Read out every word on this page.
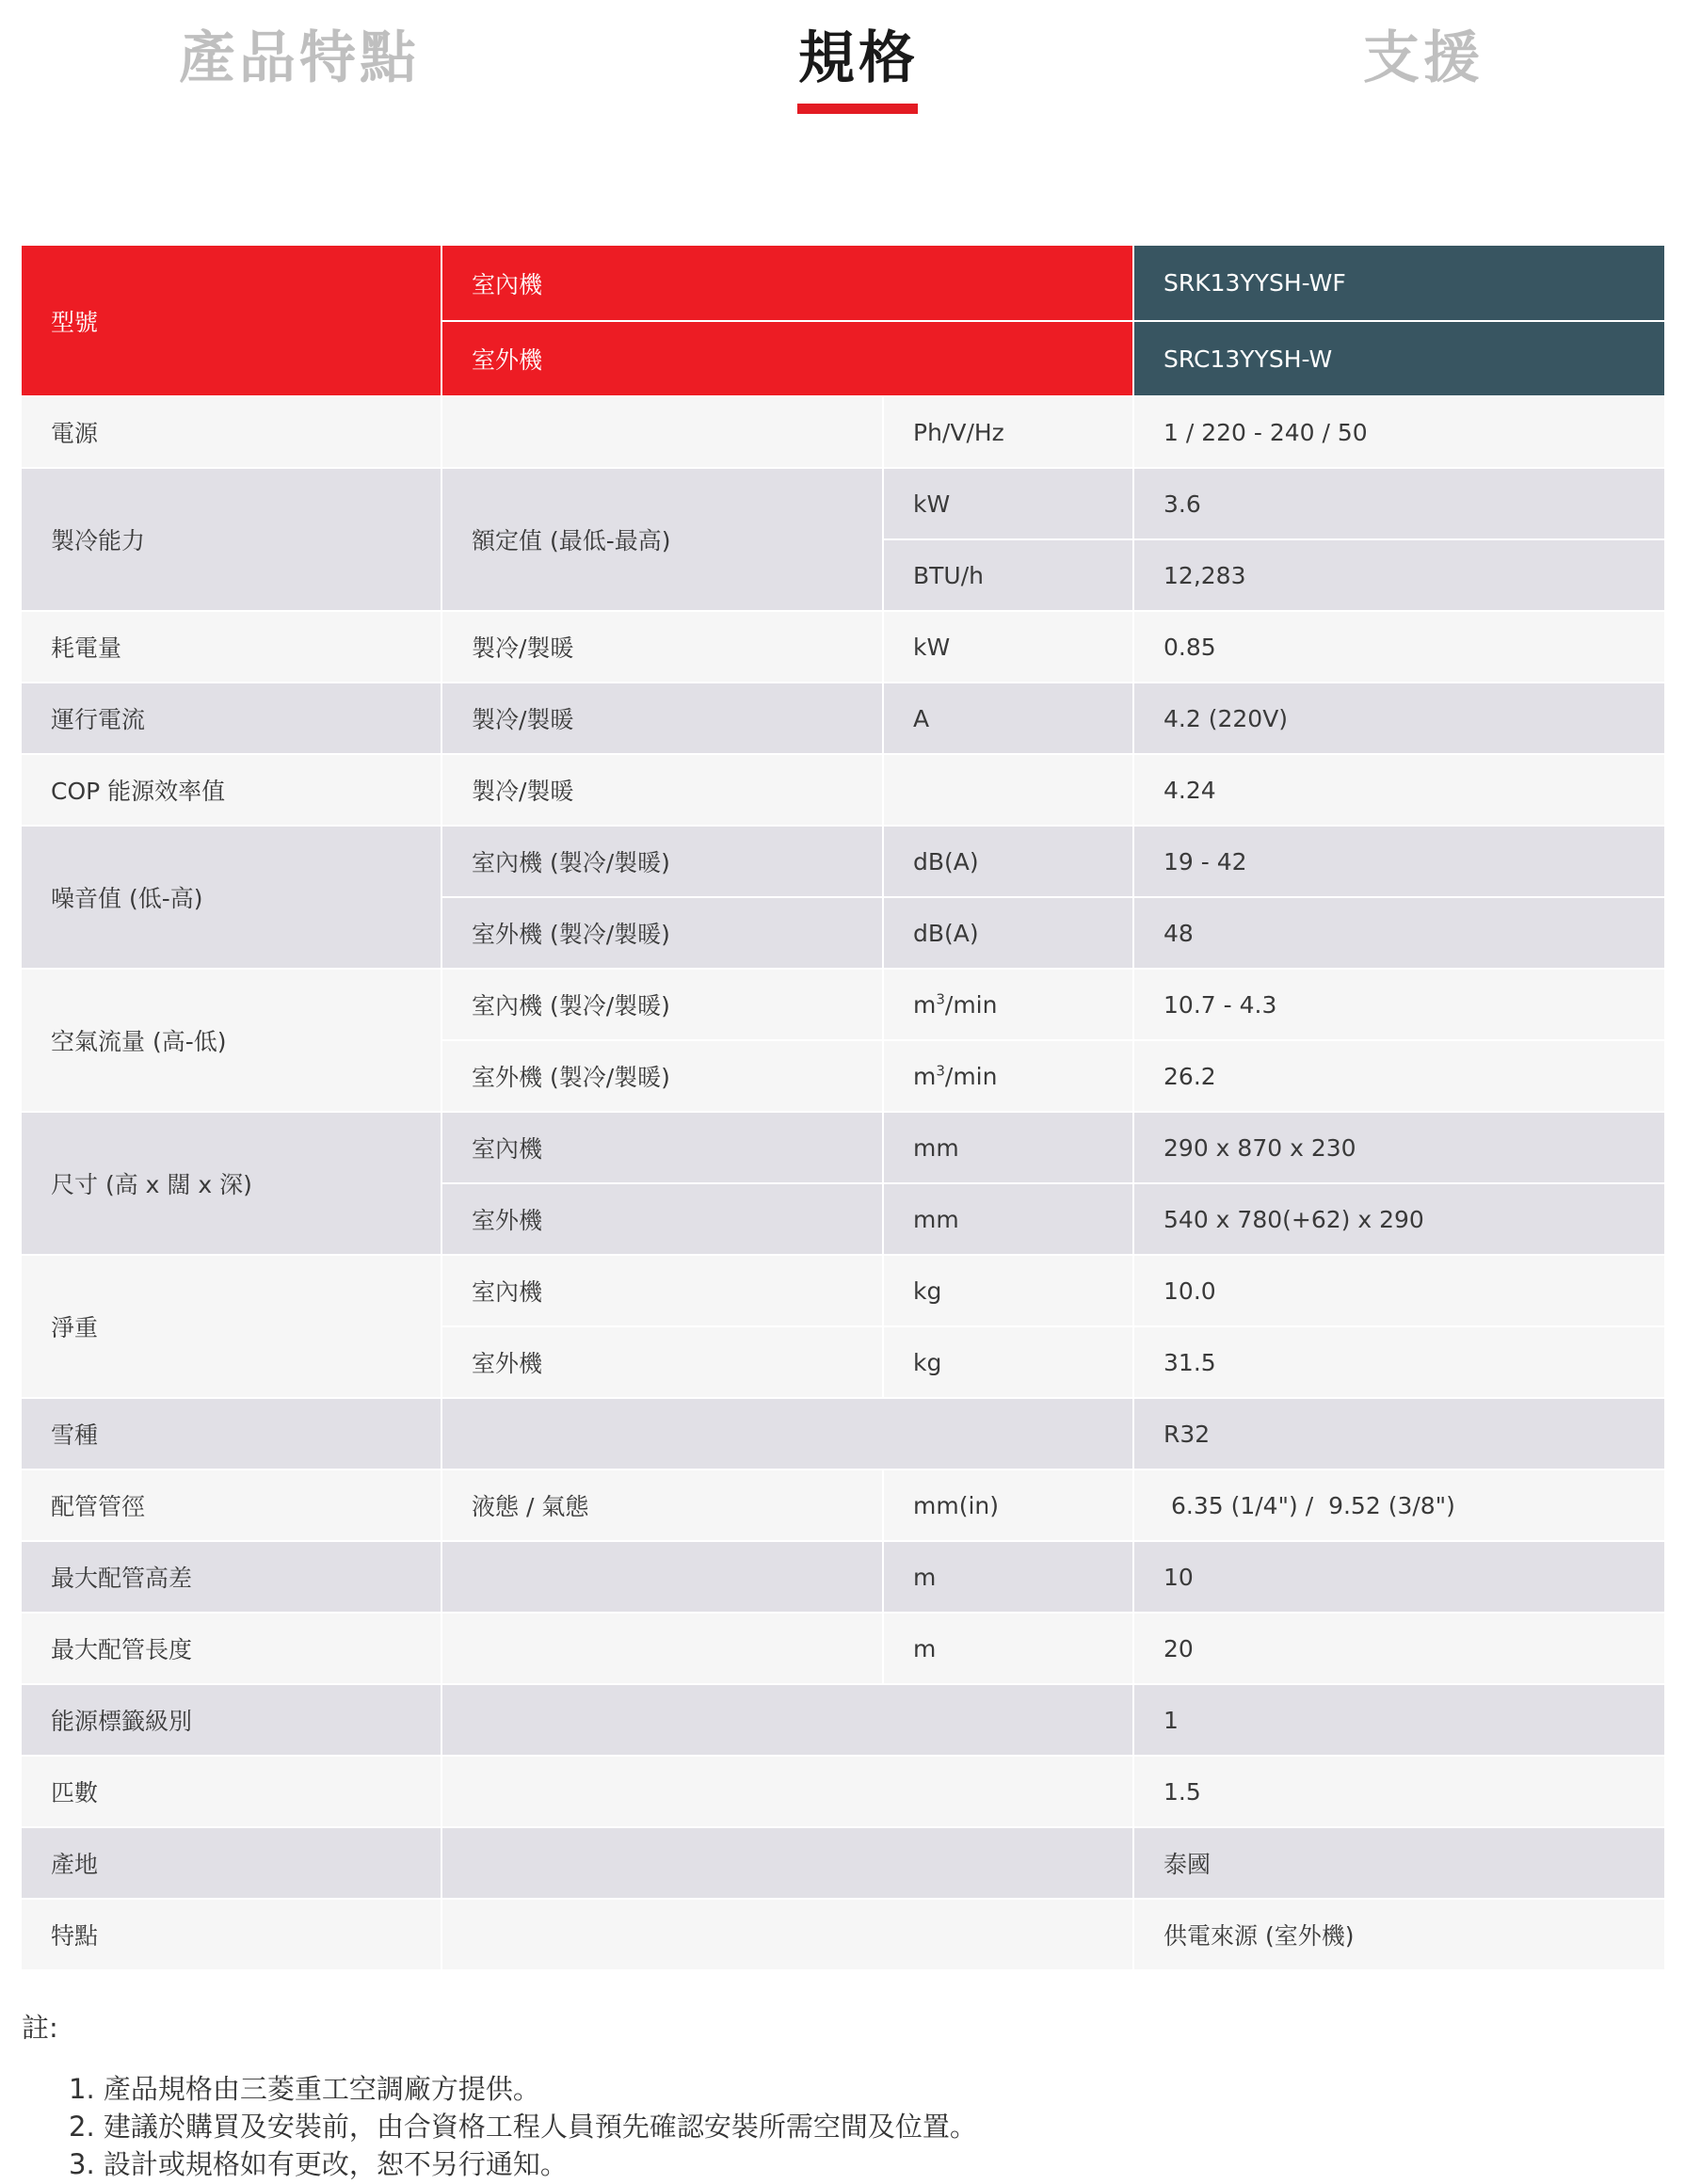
產品特點	規格	支援
型號	室內機		SRK13YYSH-WF
	室外機		SRC13YYSH-W
電源		Ph/V/Hz	1 / 220 - 240 / 50
製冷能力	額定值 (最低-最高)	kW	3.6
		BTU/h	12,283
耗電量	製冷/製暖	kW	0.85
運行電流	製冷/製暖	A	4.2 (220V)
COP 能源效率值	製冷/製暖		4.24
噪音值 (低-高)	室內機 (製冷/製暖)	dB(A)	19 - 42
	室外機 (製冷/製暖)	dB(A)	48
空氣流量 (高-低)	室內機 (製冷/製暖)	$m^3/\min$	10.7 - 4.3
	室外機 (製冷/製暖)	$m^3/\min$	26.2
尺寸 (高 x 闊 x 深)	室內機	mm	290 x 870 x 230
	室外機	mm	540 x 780(+62) x 290
淨重	室內機	kg	10.0
	室外機	kg	31.5
雪種			R32
配管管徑	液態 / 氣態	mm(in)	6.35 (1/4") /  9.52 (3/8")
最大配管高差		m	10
最大配管長度		m	20
能源標籤級別			1
匹數			1.5
產地			泰國
特點			供電來源 (室外機)
註:
1. 產品規格由三菱重工空調廠方提供。
2. 建議於購買及安裝前，由合資格工程人員預先確認安裝所需空間及位置。
3. 設計或規格如有更改，恕不另行通知。
